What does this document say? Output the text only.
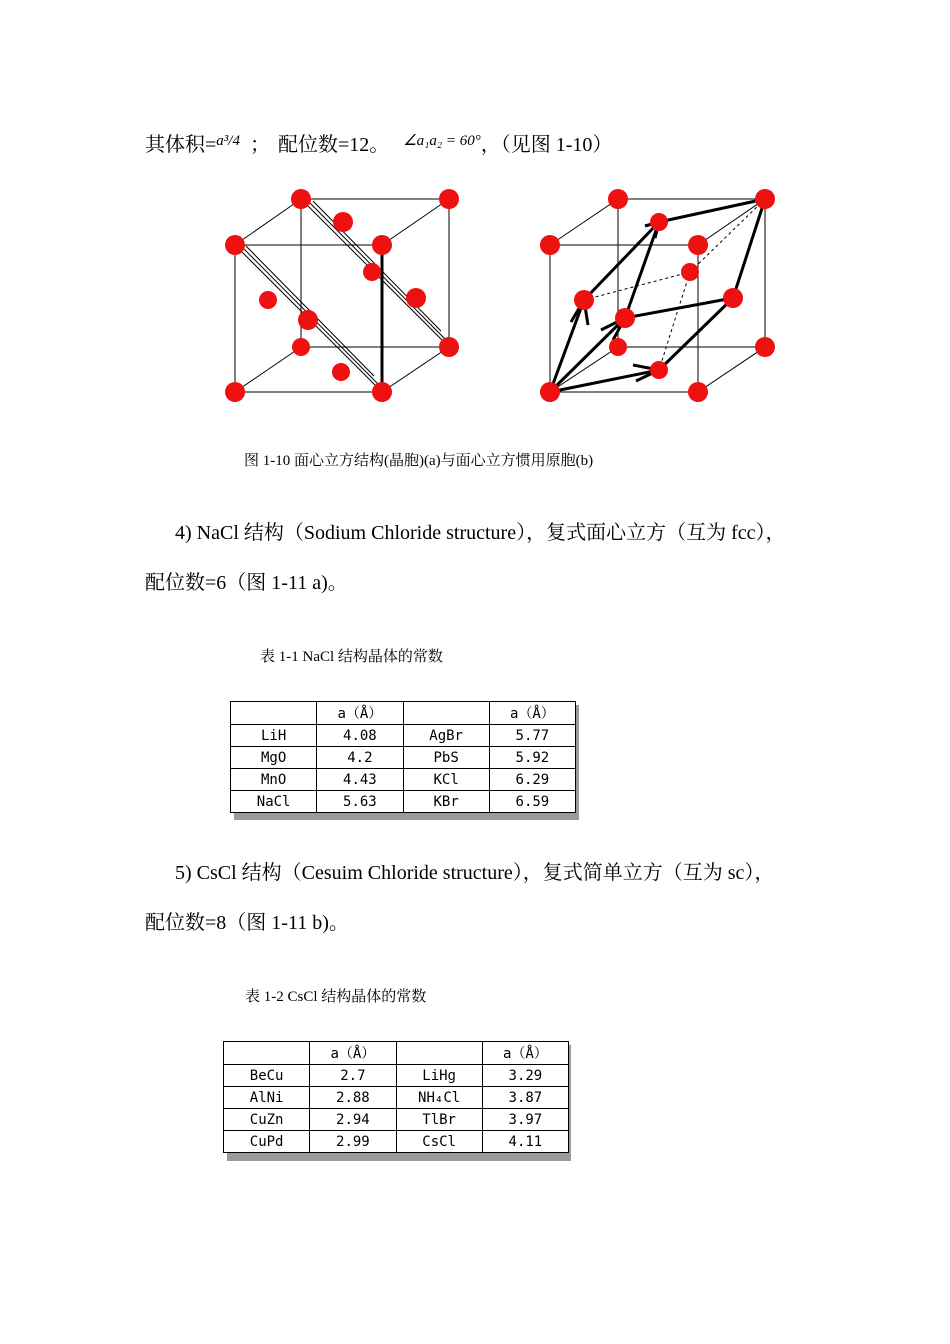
其体积=$^{a^3/4}$ ； 配位数=12。 $^{\angle a_1a_2 = 60^\circ}$，（见图 1-10）
图 1-10 面心立方结构(晶胞)(a)与面心立方惯用原胞(b)
4) NaCl 结构（Sodium Chloride structure），复式面心立方（互为 fcc），
配位数=6（图 1-11 a)。
表 1-1 NaCl 结构晶体的常数
	a（Å）		a（Å）
LiH	4.08	AgBr	5.77
MgO	4.2	PbS	5.92
MnO	4.43	KCl	6.29
NaCl	5.63	KBr	6.59
5) CsCl 结构（Cesuim Chloride structure），复式简单立方（互为 sc），
配位数=8（图 1-11 b)。
表 1-2 CsCl 结构晶体的常数
	a（Å）		a（Å）
BeCu	2.7	LiHg	3.29
AlNi	2.88	NH₄Cl	3.87
CuZn	2.94	TlBr	3.97
CuPd	2.99	CsCl	4.11
